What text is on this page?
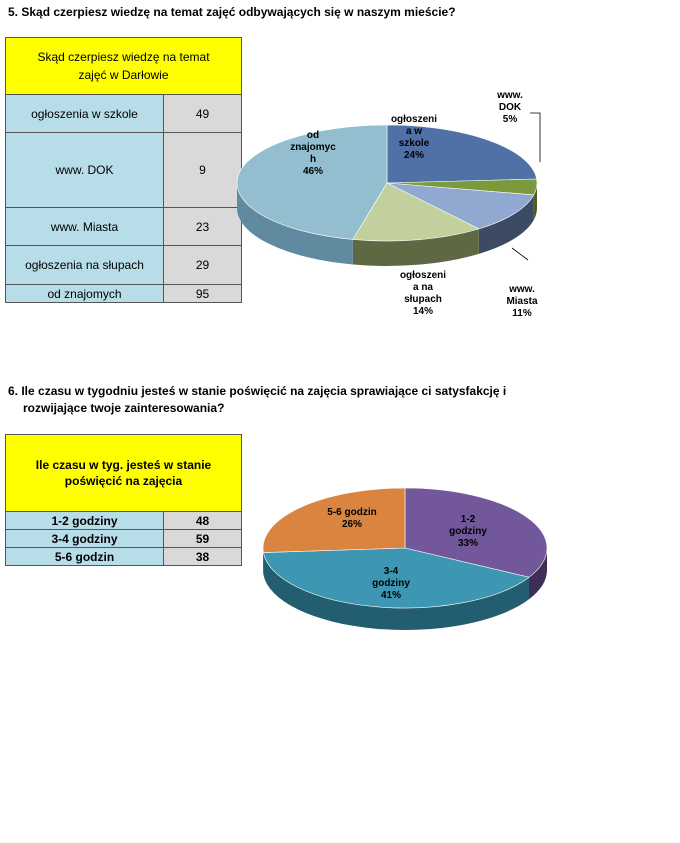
5. Skąd czerpiesz wiedzę na temat zajęć odbywających się w naszym mieście?
Skąd czerpiesz wiedzę na temat zajęć w Darłowie	
ogłoszenia w szkole	49
www. DOK	9
www. Miasta	23
ogłoszenia na słupach	29
od znajomych	95
ogłoszeni a w szkole 24%
www. DOK 5%
www. Miasta 11%
ogłoszeni a na słupach 14%
od znajomyc h 46%
6. Ile czasu w tygodniu jesteś w stanie poświęcić na zajęcia sprawiające ci satysfakcję i
rozwijające twoje zainteresowania?
Ile czasu w tyg. jesteś w stanie poświęcić na zajęcia	
1-2 godziny	48
3-4 godziny	59
5-6 godzin	38
1-2 godziny 33%
3-4 godziny 41%
5-6 godzin 26%
